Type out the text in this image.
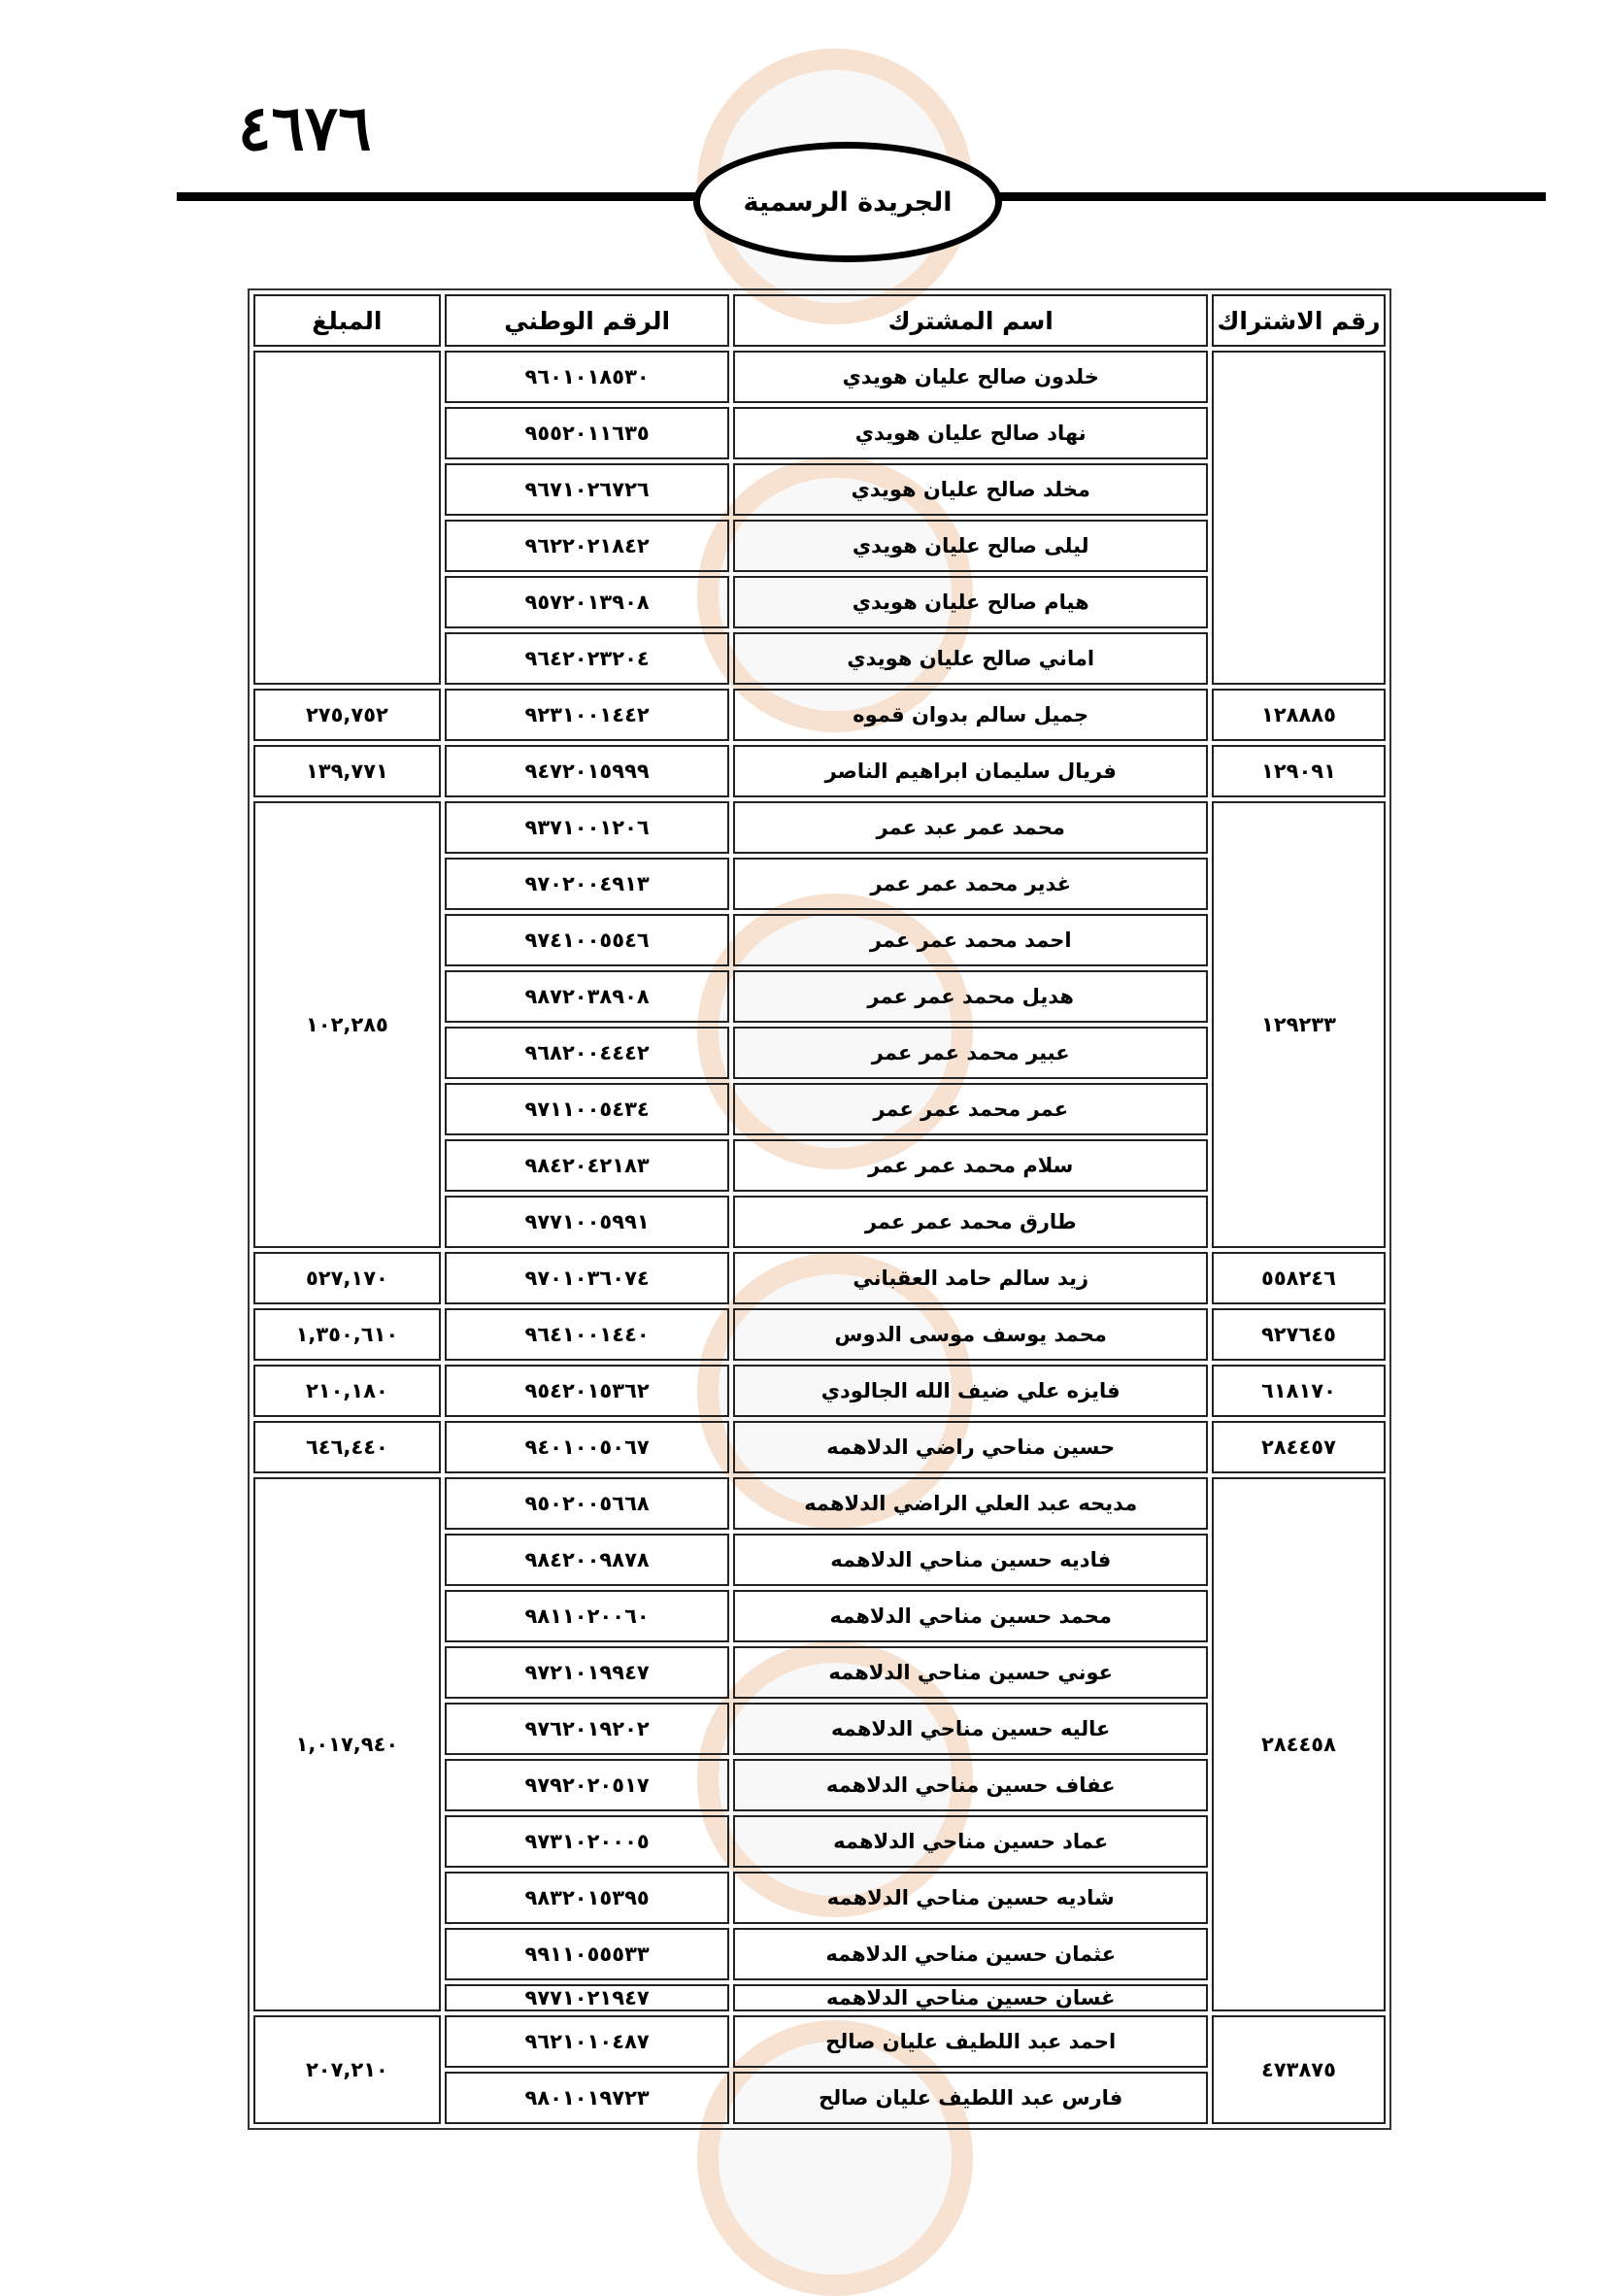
٤٦٧٦
الجريدة الرسمية
رقم الاشتراك	اسم المشترك	الرقم الوطني	المبلغ
	خلدون صالح عليان هويدي	٩٦٠١٠١٨٥٣٠	
	نهاد صالح عليان هويدي	٩٥٥٢٠١١٦٣٥	
	مخلد صالح عليان هويدي	٩٦٧١٠٢٦٧٢٦	
	ليلى صالح عليان هويدي	٩٦٢٢٠٢١٨٤٢	
	هيام صالح عليان هويدي	٩٥٧٢٠١٣٩٠٨	
	اماني صالح عليان هويدي	٩٦٤٢٠٢٣٢٠٤	
١٢٨٨٨٥	جميل سالم بدوان قموه	٩٢٣١٠٠١٤٤٢	٢٧٥,٧٥٢
١٢٩٠٩١	فريال سليمان ابراهيم الناصر	٩٤٧٢٠١٥٩٩٩	١٣٩,٧٧١
١٢٩٢٣٣	محمد عمر عبد عمر	٩٣٧١٠٠١٢٠٦	١٠٢,٢٨٥
	غدير محمد عمر عمر	٩٧٠٢٠٠٤٩١٣	
	احمد محمد عمر عمر	٩٧٤١٠٠٥٥٤٦	
	هديل محمد عمر عمر	٩٨٧٢٠٣٨٩٠٨	
	عبير محمد عمر عمر	٩٦٨٢٠٠٤٤٤٢	
	عمر محمد عمر عمر	٩٧١١٠٠٥٤٣٤	
	سلام محمد عمر عمر	٩٨٤٢٠٤٢١٨٣	
	طارق محمد عمر عمر	٩٧٧١٠٠٥٩٩١	
٥٥٨٢٤٦	زيد سالم حامد العقباني	٩٧٠١٠٣٦٠٧٤	٥٢٧,١٧٠
٩٢٧٦٤٥	محمد يوسف موسى الدوس	٩٦٤١٠٠١٤٤٠	١,٣٥٠,٦١٠
٦١٨١٧٠	فايزه علي ضيف الله الجالودي	٩٥٤٢٠١٥٣٦٢	٢١٠,١٨٠
٢٨٤٤٥٧	حسين مناحي راضي الدلاهمه	٩٤٠١٠٠٥٠٦٧	٦٤٦,٤٤٠
٢٨٤٤٥٨	مديحه عبد العلي الراضي الدلاهمه	٩٥٠٢٠٠٥٦٦٨	١,٠١٧,٩٤٠
	فاديه حسين مناحي الدلاهمه	٩٨٤٢٠٠٩٨٧٨	
	محمد حسين مناحي الدلاهمه	٩٨١١٠٢٠٠٦٠	
	عوني حسين مناحي الدلاهمه	٩٧٢١٠١٩٩٤٧	
	عاليه حسين مناحي الدلاهمه	٩٧٦٢٠١٩٢٠٢	
	عفاف حسين مناحي الدلاهمه	٩٧٩٢٠٢٠٥١٧	
	عماد حسين مناحي الدلاهمه	٩٧٣١٠٢٠٠٠٥	
	شاديه حسين مناحي الدلاهمه	٩٨٣٢٠١٥٣٩٥	
	عثمان حسين مناحي الدلاهمه	٩٩١١٠٥٥٥٣٣	
	غسان حسين مناحي الدلاهمه	٩٧٧١٠٢١٩٤٧	
٤٧٣٨٧٥	احمد عبد اللطيف عليان صالح	٩٦٢١٠١٠٤٨٧	٢٠٧,٢١٠
	فارس عبد اللطيف عليان صالح	٩٨٠١٠١٩٧٢٣	
